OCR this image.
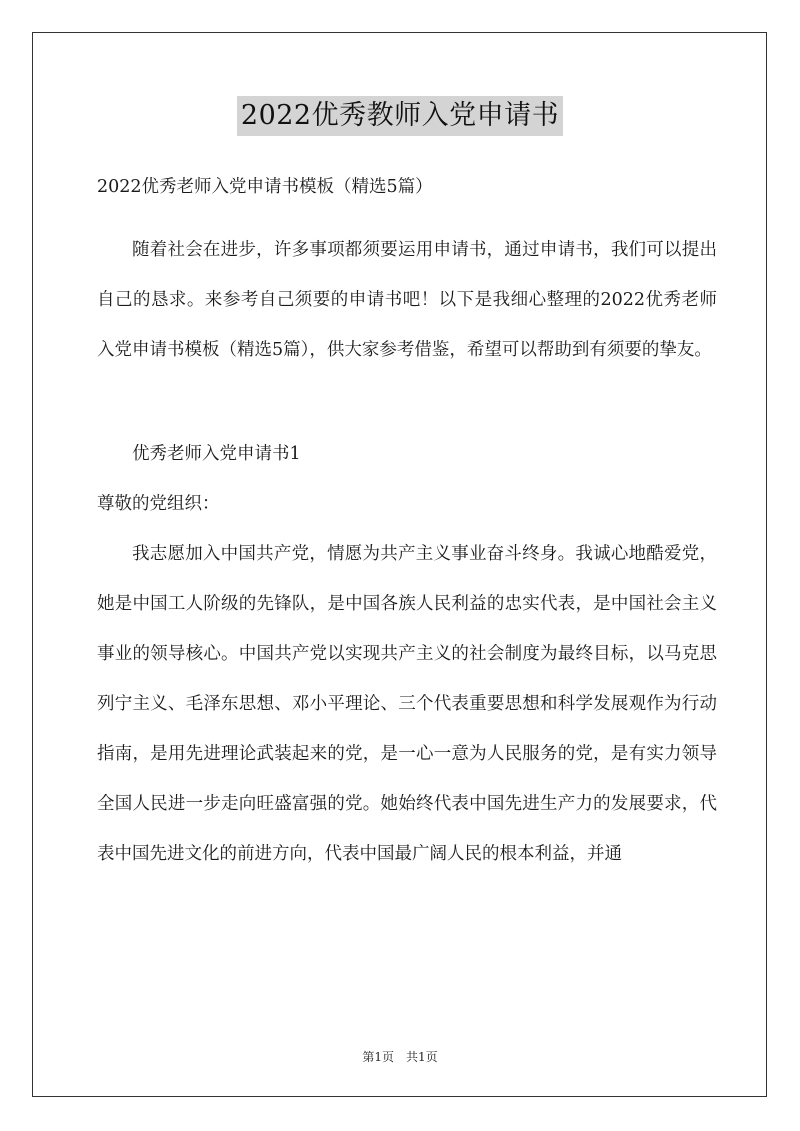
2022优秀教师入党申请书

2022优秀老师入党申请书模板（精选5篇）

随着社会在进步，许多事项都须要运用申请书，通过申请书，我们可以提出自己的恳求。来参考自己须要的申请书吧！以下是我细心整理的2022优秀老师入党申请书模板（精选5篇），供大家参考借鉴，希望可以帮助到有须要的挚友。

优秀老师入党申请书1

尊敬的党组织：

我志愿加入中国共产党，情愿为共产主义事业奋斗终身。我诚心地酷爱党，她是中国工人阶级的先锋队，是中国各族人民利益的忠实代表，是中国社会主义事业的领导核心。中国共产党以实现共产主义的社会制度为最终目标，以马克思列宁主义、毛泽东思想、邓小平理论、三个代表重要思想和科学发展观作为行动指南，是用先进理论武装起来的党，是一心一意为人民服务的党，是有实力领导全国人民进一步走向旺盛富强的党。她始终代表中国先进生产力的发展要求，代表中国先进文化的前进方向，代表中国最广阔人民的根本利益，并通

第1页　共1页
